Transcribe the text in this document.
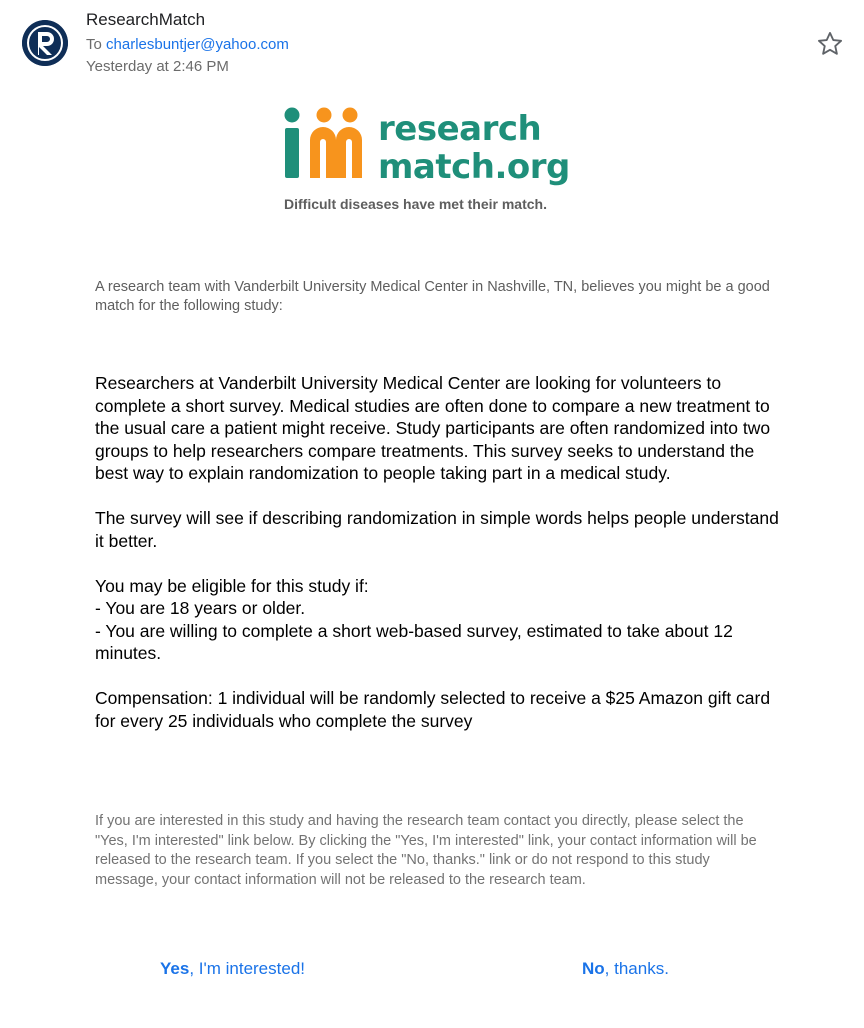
ResearchMatch
To charlesbuntjer@yahoo.com
Yesterday at 2:46 PM
research
match.org
Difficult diseases have met their match.
A research team with Vanderbilt University Medical Center in Nashville, TN, believes you might be a good match for the following study:

Researchers at Vanderbilt University Medical Center are looking for volunteers to complete a short survey. Medical studies are often done to compare a new treatment to the usual care a patient might receive. Study participants are often randomized into two groups to help researchers compare treatments. This survey seeks to understand the best way to explain randomization to people taking part in a medical study.

The survey will see if describing randomization in simple words helps people understand it better.

You may be eligible for this study if:
- You are 18 years or older.
- You are willing to complete a short web-based survey, estimated to take about 12 minutes.

Compensation: 1 individual will be randomly selected to receive a $25 Amazon gift card for every 25 individuals who complete the survey

If you are interested in this study and having the research team contact you directly, please select the "Yes, I'm interested" link below. By clicking the "Yes, I'm interested" link, your contact information will be released to the research team. If you select the "No, thanks." link or do not respond to this study message, your contact information will not be released to the research team.
Yes, I'm interested!	No, thanks.
